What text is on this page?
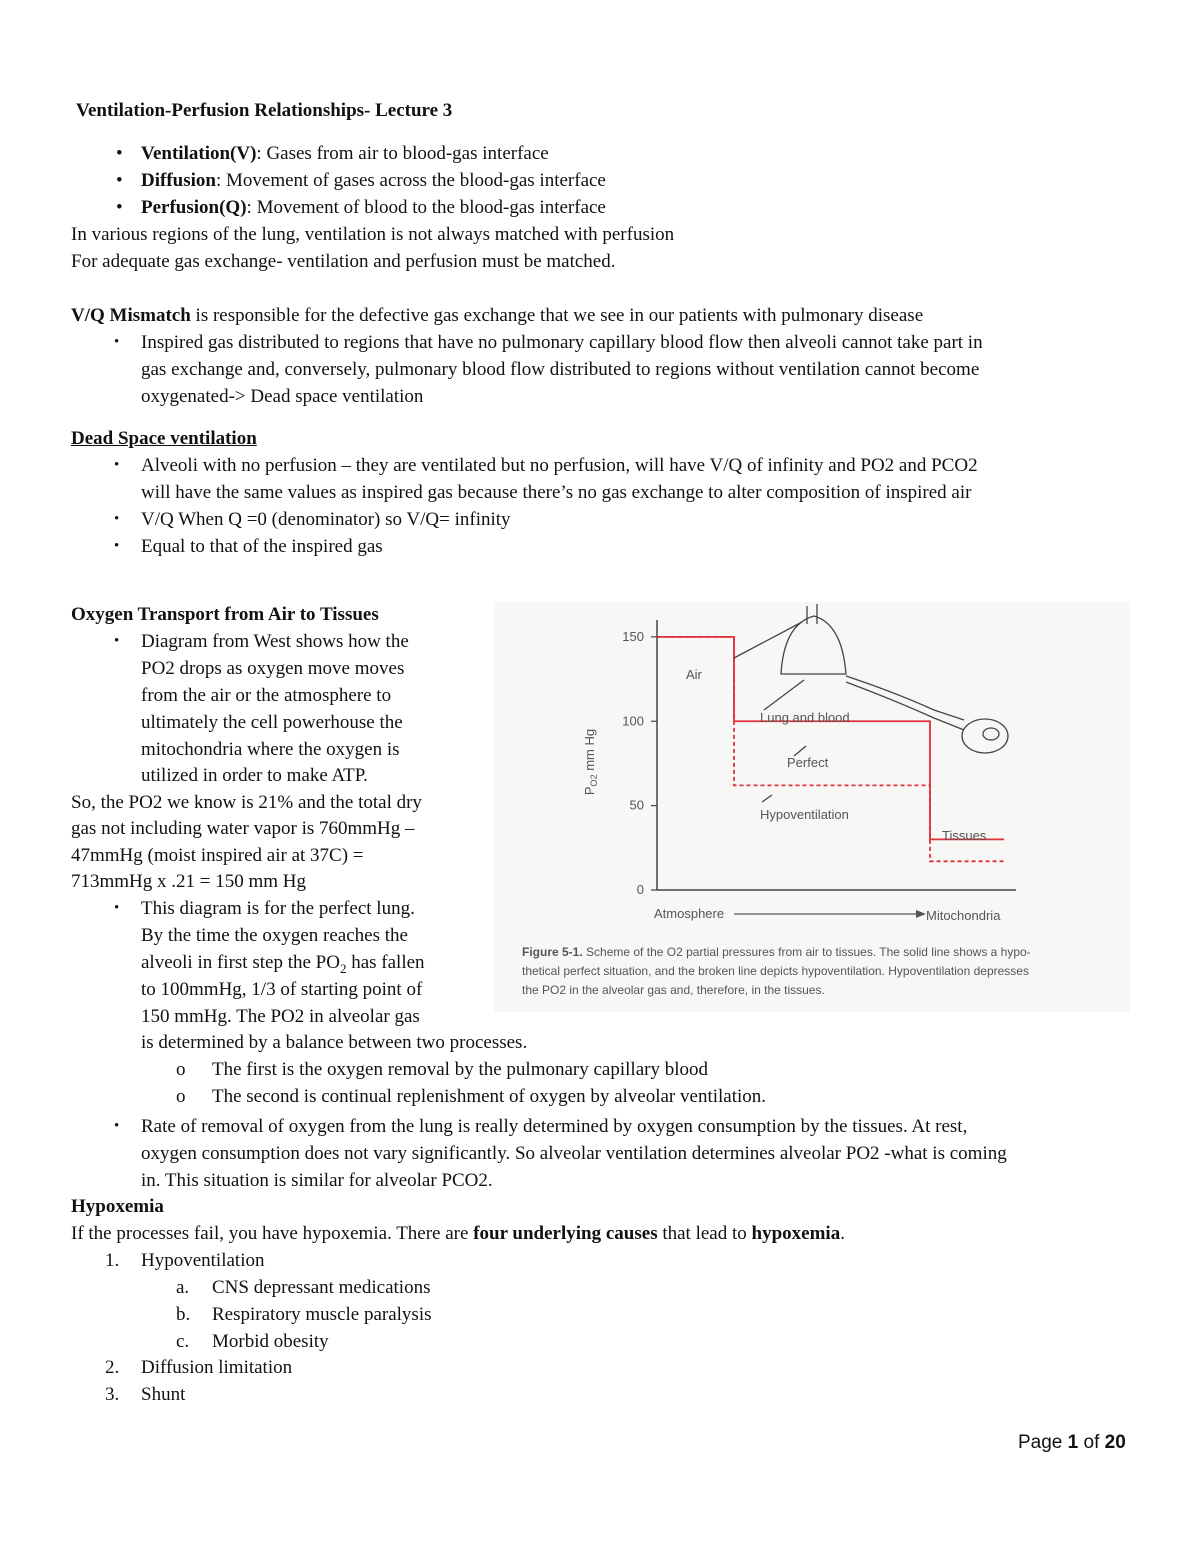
Ventilation-Perfusion Relationships- Lecture 3
• Ventilation(V): Gases from air to blood-gas interface
• Diffusion: Movement of gases across the blood-gas interface
• Perfusion(Q): Movement of blood to the blood-gas interface
In various regions of the lung, ventilation is not always matched with perfusion
For adequate gas exchange- ventilation and perfusion must be matched.
V/Q Mismatch is responsible for the defective gas exchange that we see in our patients with pulmonary disease
• Inspired gas distributed to regions that have no pulmonary capillary blood flow then alveoli cannot take part in
gas exchange and, conversely, pulmonary blood flow distributed to regions without ventilation cannot become
oxygenated-> Dead space ventilation
Dead Space ventilation
• Alveoli with no perfusion – they are ventilated but no perfusion, will have V/Q of infinity and PO2 and PCO2
will have the same values as inspired gas because there’s no gas exchange to alter composition of inspired air
• V/Q When Q =0 (denominator) so V/Q= infinity
• Equal to that of the inspired gas
Oxygen Transport from Air to Tissues
• Diagram from West shows how the
PO2 drops as oxygen move moves
from the air or the atmosphere to
ultimately the cell powerhouse the
mitochondria where the oxygen is
utilized in order to make ATP.
So, the PO2 we know is 21% and the total dry
gas not including water vapor is 760mmHg –
47mmHg (moist inspired air at 37C) =
713mmHg x .21 = 150 mm Hg
• This diagram is for the perfect lung.
By the time the oxygen reaches the
alveoli in first step the $PO_2$ has fallen
to 100mmHg, 1/3 of starting point of
150 mmHg. The PO2 in alveolar gas
is determined by a balance between two processes.
o The first is the oxygen removal by the pulmonary capillary blood
o The second is continual replenishment of oxygen by alveolar ventilation.
• Rate of removal of oxygen from the lung is really determined by oxygen consumption by the tissues. At rest,
oxygen consumption does not vary significantly. So alveolar ventilation determines alveolar PO2 -what is coming
in. This situation is similar for alveolar PCO2.
Hypoxemia
If the processes fail, you have hypoxemia. There are four underlying causes that lead to hypoxemia.
1. Hypoventilation
a. CNS depressant medications
b. Respiratory muscle paralysis
c. Morbid obesity
2. Diffusion limitation
3. Shunt
0
50
100
150
$P_{O2}$ mm Hg
Air
Lung and blood
Perfect
Hypoventilation
Tissues
Atmosphere	Mitochondria
Figure 5-1. Scheme of the O2 partial pressures from air to tissues. The solid line shows a hypo-
thetical perfect situation, and the broken line depicts hypoventilation. Hypoventilation depresses
the PO2 in the alveolar gas and, therefore, in the tissues.
Page 1 of 20
